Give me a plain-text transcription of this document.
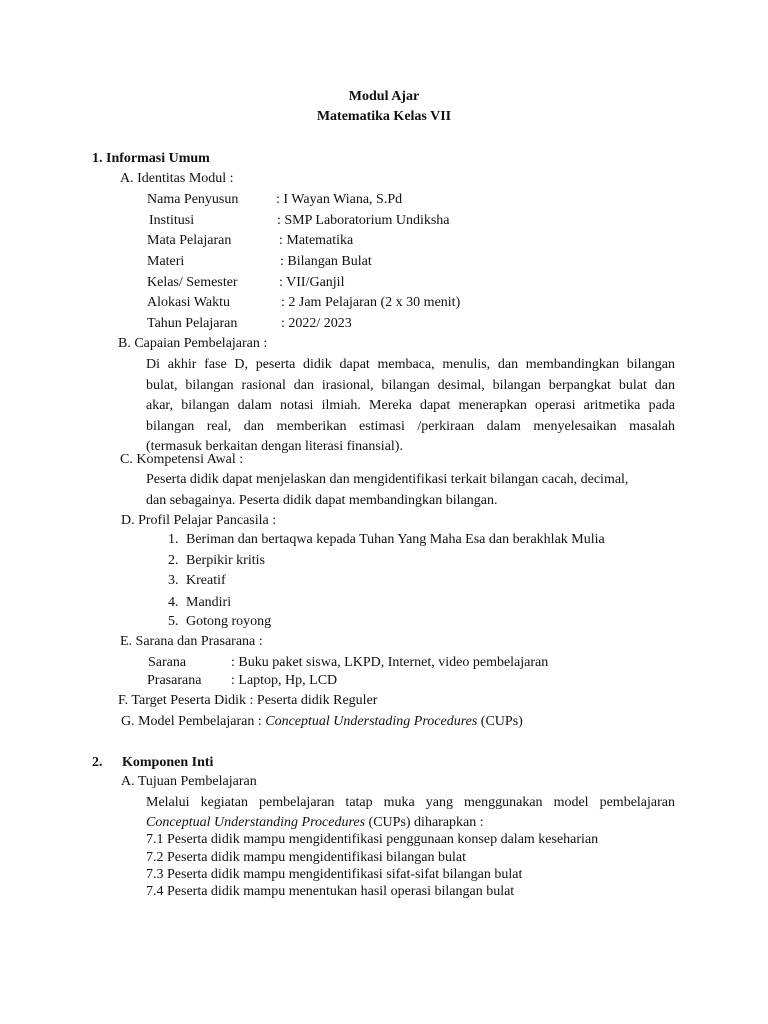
Modul Ajar
Matematika Kelas VII
1. Informasi Umum
A. Identitas Modul :
Nama Penyusun	: I Wayan Wiana, S.Pd
Institusi	: SMP Laboratorium Undiksha
Mata Pelajaran	: Matematika
Materi	: Bilangan Bulat
Kelas/ Semester	: VII/Ganjil
Alokasi Waktu	: 2 Jam Pelajaran (2 x 30 menit)
Tahun Pelajaran	: 2022/ 2023
B. Capaian Pembelajaran :
Di akhir fase D, peserta didik dapat membaca, menulis, dan membandingkan bilangan
bulat, bilangan rasional dan irasional, bilangan desimal, bilangan berpangkat bulat dan
akar, bilangan dalam notasi ilmiah. Mereka dapat menerapkan operasi aritmetika pada
bilangan real, dan memberikan estimasi /perkiraan dalam menyelesaikan masalah
(termasuk berkaitan dengan literasi finansial).
C. Kompetensi Awal :
Peserta didik dapat menjelaskan dan mengidentifikasi terkait bilangan cacah, decimal,
dan sebagainya. Peserta didik dapat membandingkan bilangan.
D. Profil Pelajar Pancasila :
1. Beriman dan bertaqwa kepada Tuhan Yang Maha Esa dan berakhlak Mulia
2. Berpikir kritis
3. Kreatif
4. Mandiri
5. Gotong royong
E. Sarana dan Prasarana :
Sarana	: Buku paket siswa, LKPD, Internet, video pembelajaran
Prasarana : Laptop, Hp, LCD
F. Target Peserta Didik : Peserta didik Reguler
G. Model Pembelajaran : Conceptual Understading Procedures (CUPs)
2. Komponen Inti
A. Tujuan Pembelajaran
Melalui kegiatan pembelajaran tatap muka yang menggunakan model pembelajaran
Conceptual Understanding Procedures (CUPs) diharapkan :
7.1 Peserta didik mampu mengidentifikasi penggunaan konsep dalam keseharian
7.2 Peserta didik mampu mengidentifikasi bilangan bulat
7.3 Peserta didik mampu mengidentifikasi sifat-sifat bilangan bulat
7.4 Peserta didik mampu menentukan hasil operasi bilangan bulat
